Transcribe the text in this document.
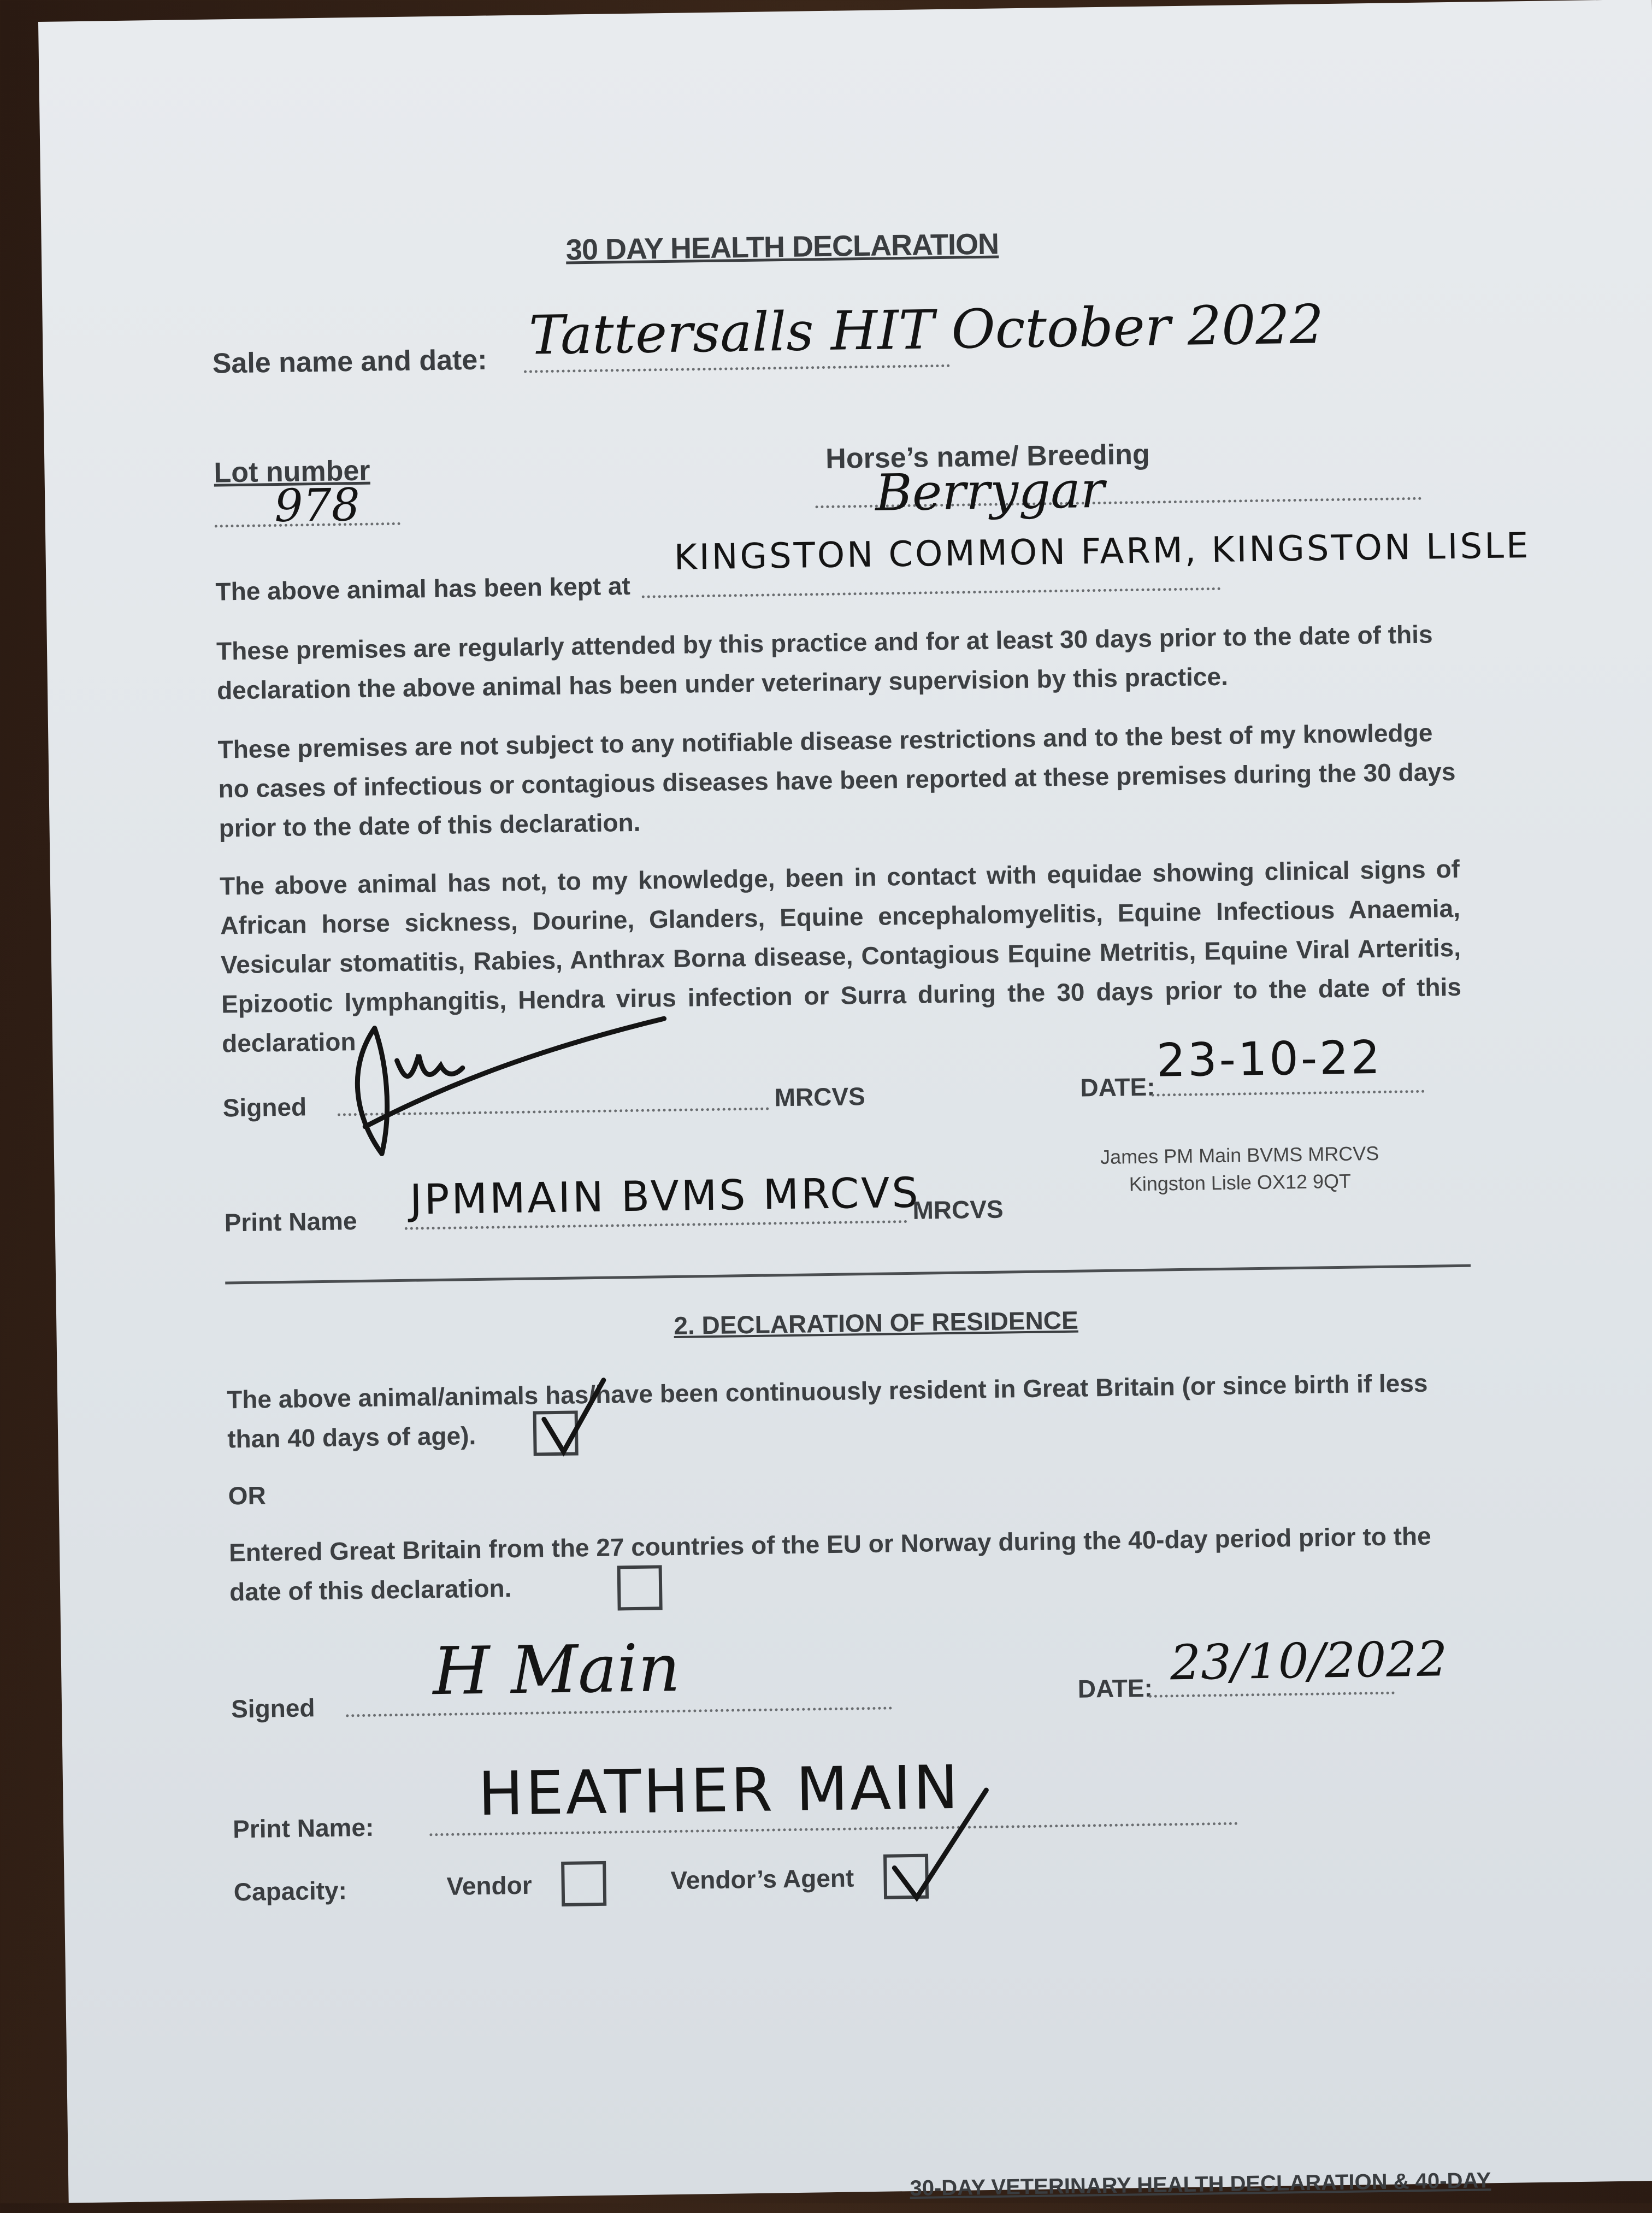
30 DAY HEALTH DECLARATION
Sale name and date: Tattersalls HIT October 2022
Lot number
978
Horse’s name/ Breeding
Berrygar
The above animal has been kept at
KINGSTON COMMON FARM, KINGSTON LISLE
These premises are regularly attended by this practice and for at least 30 days prior to the date of this declaration the above animal has been under veterinary supervision by this practice.
These premises are not subject to any notifiable disease restrictions and to the best of my knowledge no cases of infectious or contagious diseases have been reported at these premises during the 30 days prior to the date of this declaration.
The above animal has not, to my knowledge, been in contact with equidae showing clinical signs of African horse sickness, Dourine, Glanders, Equine encephalomyelitis, Equine Infectious Anaemia, Vesicular stomatitis, Rabies, Anthrax Borna disease, Contagious Equine Metritis, Equine Viral Arteritis, Epizootic lymphangitis, Hendra virus infection or Surra during the 30 days prior to the date of this declaration
Signed	MRCVS	DATE: 23-10-22
James PM Main BVMS MRCVS
Kingston Lisle OX12 9QT
Print Name JPMMAIN BVMS MRCVS
MRCVS
2. DECLARATION OF RESIDENCE
The above animal/animals has/have been continuously resident in Great Britain (or since birth if less than 40 days of age).
OR
Entered Great Britain from the 27 countries of the EU or Norway during the 40-day period prior to the date of this declaration.
Signed H Main	DATE: 23/10/2022
Print Name: HEATHER MAIN
Capacity:	Vendor	Vendor’s Agent
30-DAY VETERINARY HEALTH DECLARATION & 40-DAY
